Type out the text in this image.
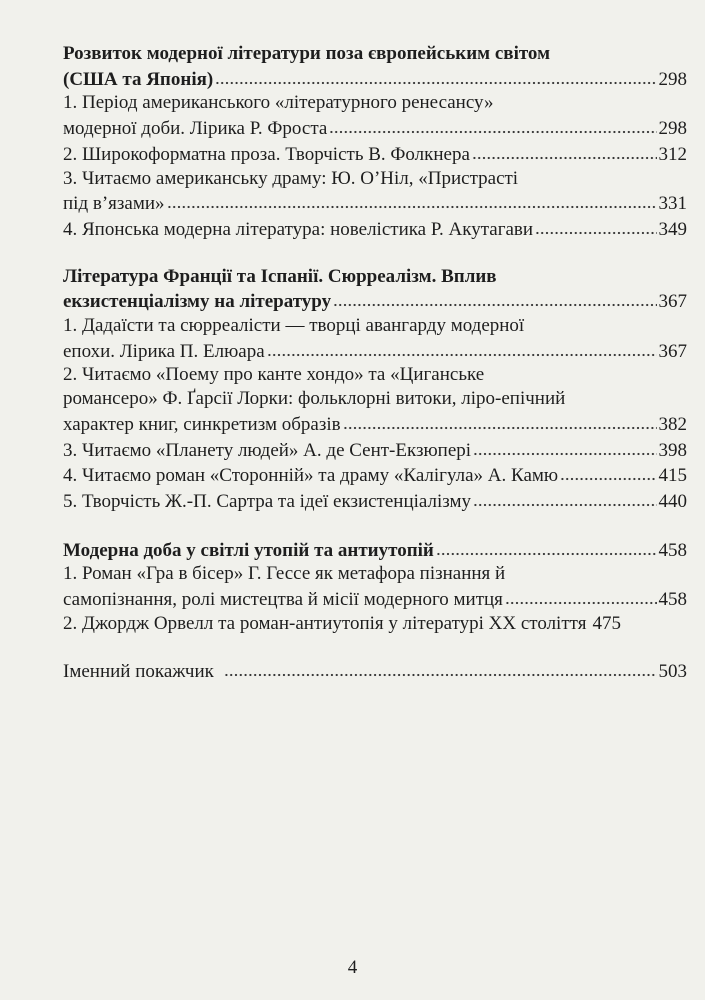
Розвиток модерної літератури поза європейським світом
(США та Японія)	298
1. Період американського «літературного ренесансу»
модерної доби. Лірика Р. Фроста	298
2. Широкоформатна проза. Творчість В. Фолкнера	312
3. Читаємо американську драму: Ю. О’Ніл, «Пристрасті
під в’язами»	331
4. Японська модерна література: новелістика Р. Акутагави	349
Література Франції та Іспанії. Сюрреалізм. Вплив
екзистенціалізму на літературу	367
1. Дадаїсти та сюрреалісти — творці авангарду модерної
епохи. Лірика П. Елюара	367
2. Читаємо «Поему про канте хондо» та «Циганське
романсеро» Ф. Ґарсії Лорки: фольклорні витоки, ліро-епічний
характер книг, синкретизм образів	382
3. Читаємо «Планету людей» А. де Сент-Екзюпері	398
4. Читаємо роман «Сторонній» та драму «Калігула» А. Камю	415
5. Творчість Ж.-П. Сартра та ідеї екзистенціалізму	440
Модерна доба у світлі утопій та антиутопій	458
1. Роман «Гра в бісер» Г. Гессе як метафора пізнання й
самопізнання, ролі мистецтва й місії модерного митця	458
2. Джордж Орвелл та роман-антиутопія у літературі XX століття 475
Іменний покажчик	503
4
